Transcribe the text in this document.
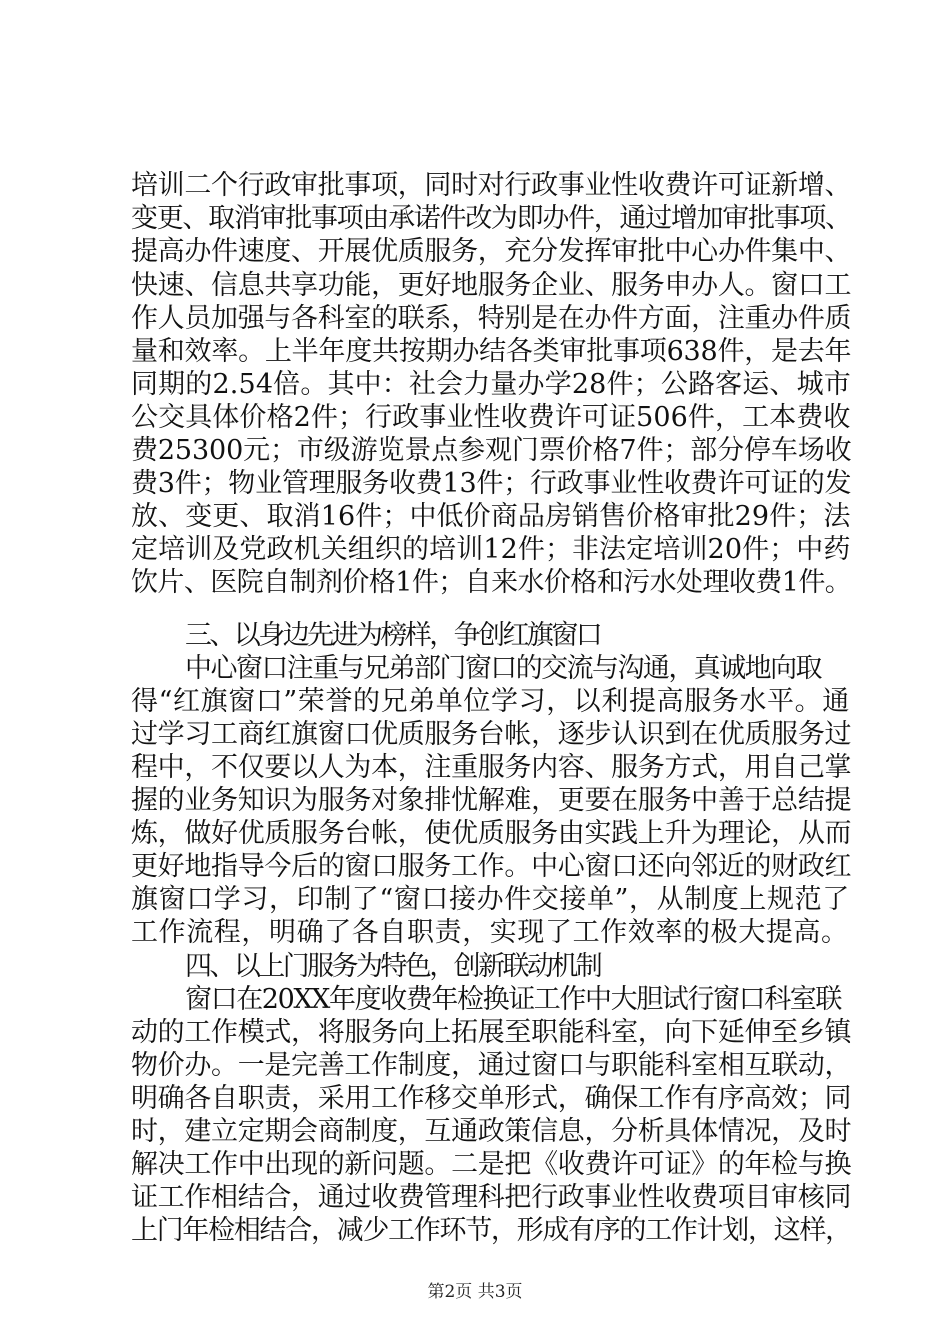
培训二个行政审批事项，同时对行政事业性收费许可证新增、
变更、取消审批事项由承诺件改为即办件，通过增加审批事项、
提高办件速度、开展优质服务，充分发挥审批中心办件集中、
快速、信息共享功能，更好地服务企业、服务申办人。窗口工
作人员加强与各科室的联系，特别是在办件方面，注重办件质
量和效率。上半年度共按期办结各类审批事项638件，是去年
同期的2.54倍。其中：社会力量办学28件；公路客运、城市
公交具体价格2件；行政事业性收费许可证506件，工本费收
费25300元；市级游览景点参观门票价格7件；部分停车场收
费3件；物业管理服务收费13件；行政事业性收费许可证的发
放、变更、取消16件；中低价商品房销售价格审批29件；法
定培训及党政机关组织的培训12件；非法定培训20件；中药
饮片、医院自制剂价格1件；自来水价格和污水处理收费1件。
三、以身边先进为榜样，争创红旗窗口
中心窗口注重与兄弟部门窗口的交流与沟通，真诚地向取
得“红旗窗口”荣誉的兄弟单位学习，以利提高服务水平。通
过学习工商红旗窗口优质服务台帐，逐步认识到在优质服务过
程中，不仅要以人为本，注重服务内容、服务方式，用自己掌
握的业务知识为服务对象排忧解难，更要在服务中善于总结提
炼，做好优质服务台帐，使优质服务由实践上升为理论，从而
更好地指导今后的窗口服务工作。中心窗口还向邻近的财政红
旗窗口学习，印制了“窗口接办件交接单”，从制度上规范了
工作流程，明确了各自职责，实现了工作效率的极大提高。
四、以上门服务为特色，创新联动机制
窗口在20XX年度收费年检换证工作中大胆试行窗口科室联
动的工作模式，将服务向上拓展至职能科室，向下延伸至乡镇
物价办。一是完善工作制度，通过窗口与职能科室相互联动，
明确各自职责，采用工作移交单形式，确保工作有序高效；同
时，建立定期会商制度，互通政策信息，分析具体情况，及时
解决工作中出现的新问题。二是把《收费许可证》的年检与换
证工作相结合，通过收费管理科把行政事业性收费项目审核同
上门年检相结合，减少工作环节，形成有序的工作计划，这样，
第2页 共3页
